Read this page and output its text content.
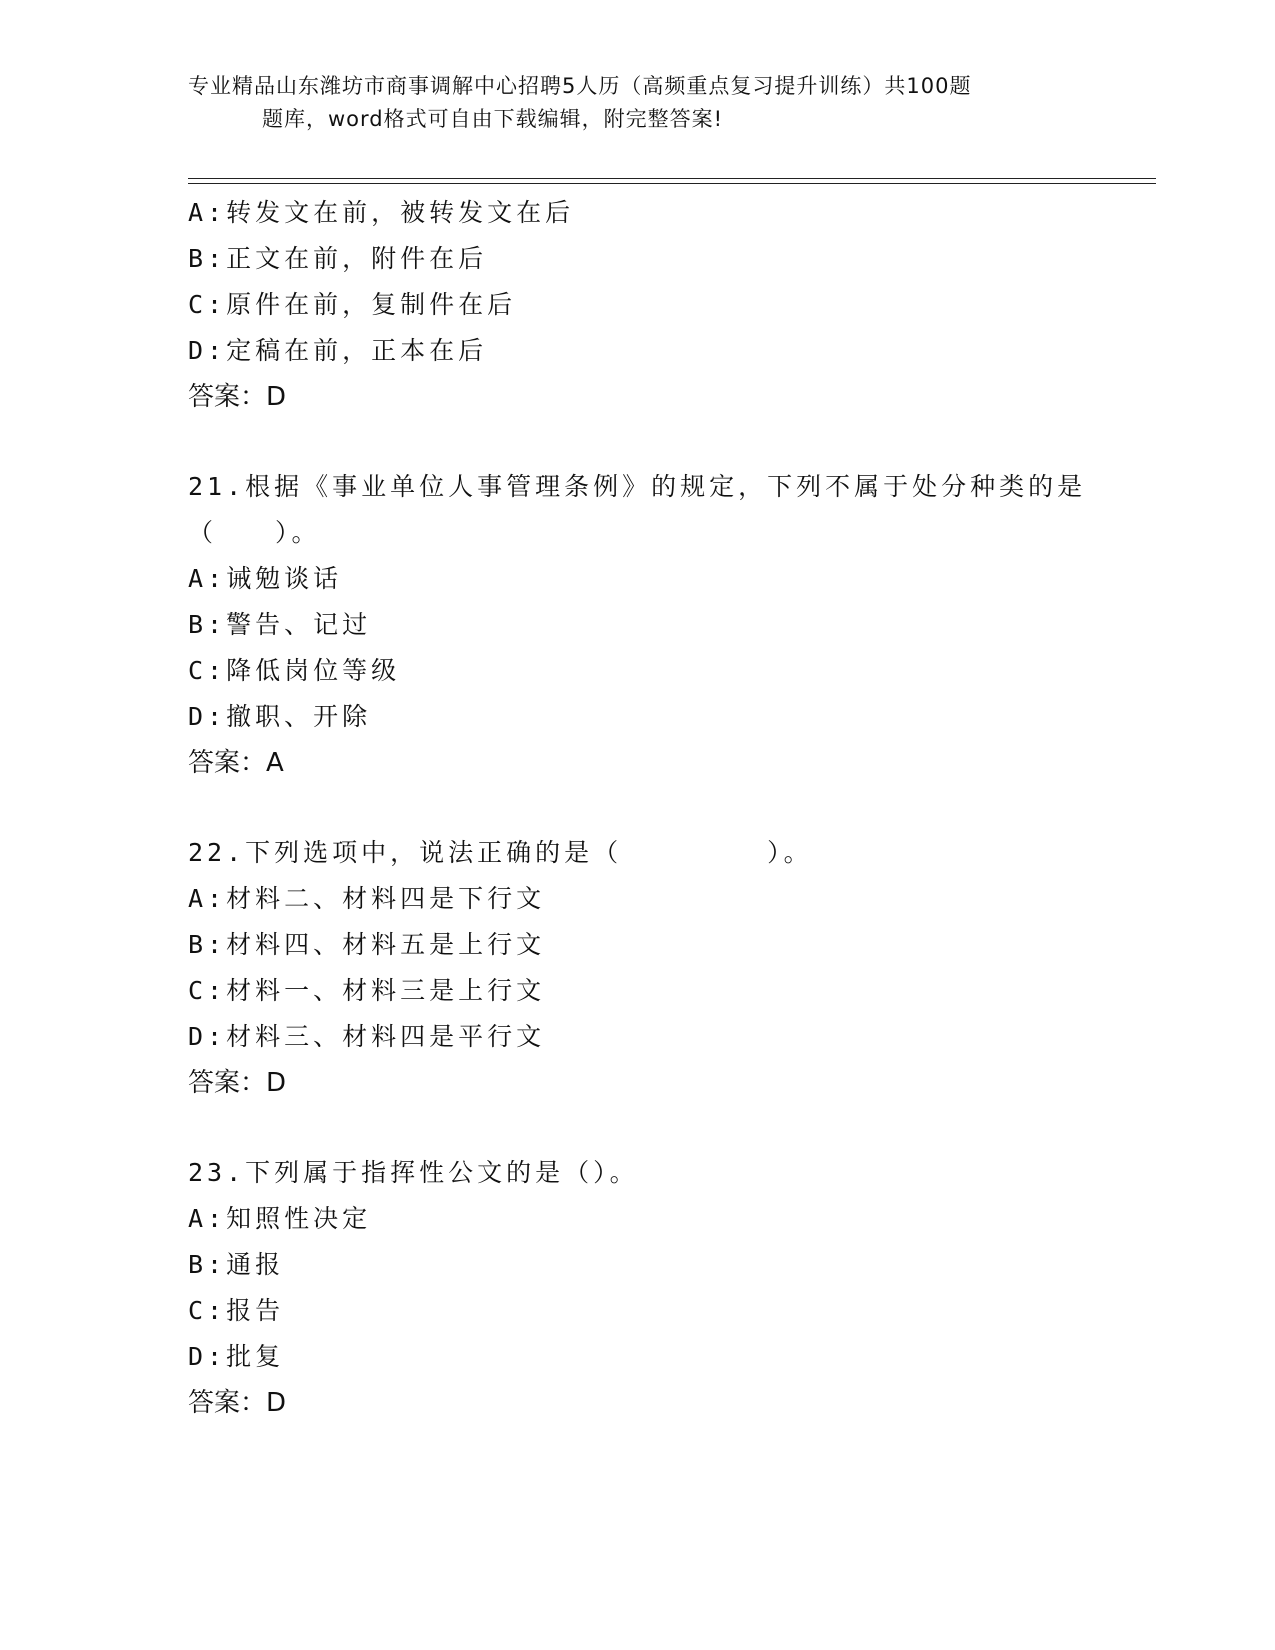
专业精品山东潍坊市商事调解中心招聘5人历（高频重点复习提升训练）共100题
题库，word格式可自由下载编辑，附完整答案!
A:转发文在前，被转发文在后
B:正文在前，附件在后
C:原件在前，复制件在后
D:定稿在前，正本在后
答案：D
21.根据《事业单位人事管理条例》的规定，下列不属于处分种类的是
（　　）。
A:诫勉谈话
B:警告、记过
C:降低岗位等级
D:撤职、开除
答案：A
22.下列选项中，说法正确的是（　　　　　）。
A:材料二、材料四是下行文
B:材料四、材料五是上行文
C:材料一、材料三是上行文
D:材料三、材料四是平行文
答案：D
23.下列属于指挥性公文的是（）。
A:知照性决定
B:通报
C:报告
D:批复
答案：D
